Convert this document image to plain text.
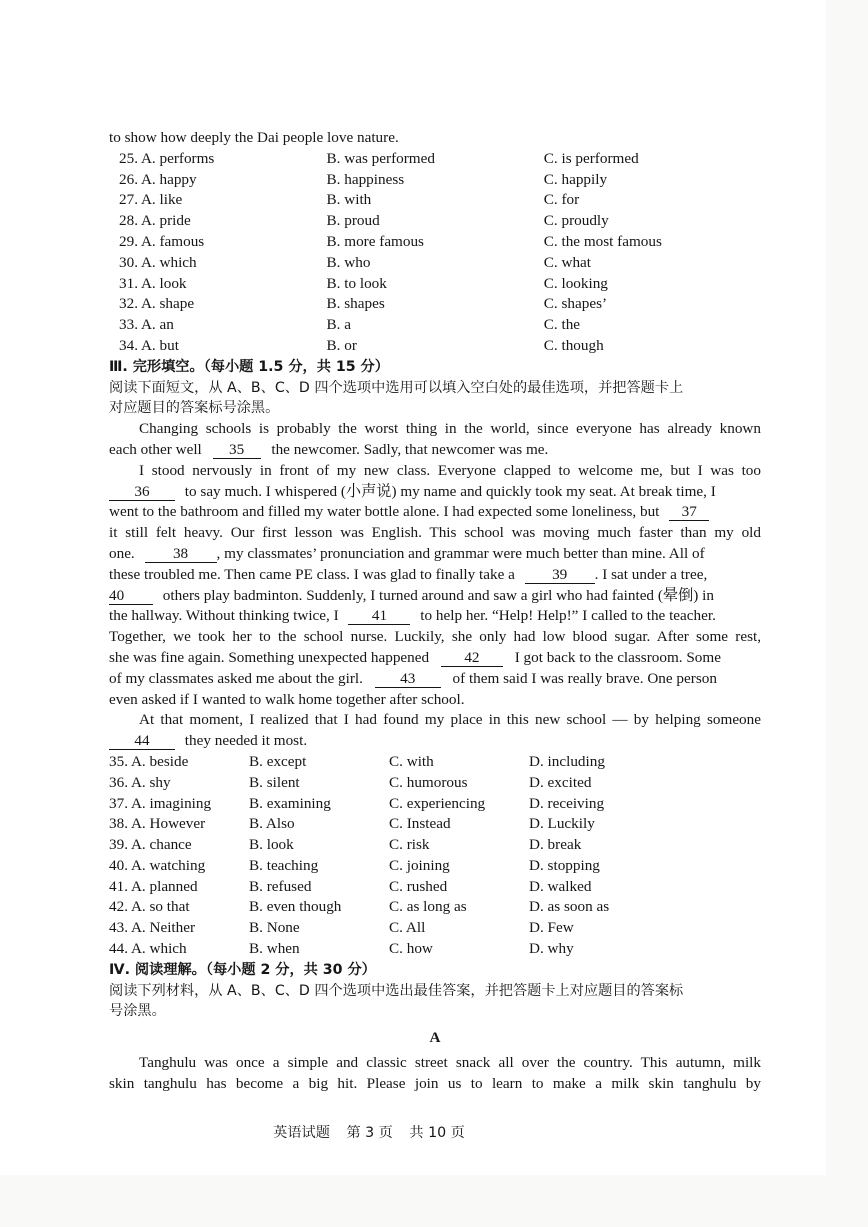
to show how deeply the Dai people love nature.
25. A. performs	B. was performed	C. is performed
26. A. happy	B. happiness	C. happily
27. A. like	B. with	C. for
28. A. pride	B. proud	C. proudly
29. A. famous	B. more famous	C. the most famous
30. A. which	B. who	C. what
31. A. look	B. to look	C. looking
32. A. shape	B. shapes	C. shapes’
33. A. an	B. a	C. the
34. A. but	B. or	C. though
Ⅲ. 完形填空。（每小题 1.5 分，共 15 分）
阅读下面短文，从 A、B、C、D 四个选项中选用可以填入空白处的最佳选项，并把答题卡上
对应题目的答案标号涂黑。
Changing schools is probably the worst thing in the world, since everyone has already known
each other well 35 the newcomer. Sadly, that newcomer was me.
I stood nervously in front of my new class. Everyone clapped to welcome me, but I was too
36 to say much. I whispered (小声说) my name and quickly took my seat. At break time, I
went to the bathroom and filled my water bottle alone. I had expected some loneliness, but 37
it still felt heavy. Our first lesson was English. This school was moving much faster than my old
one.	38 , my classmates’ pronunciation and grammar were much better than mine. All of
these troubled me. Then came PE class. I was glad to finally take a 39 . I sat under a tree,
40	others play badminton. Suddenly, I turned around and saw a girl who had fainted (晕倒) in
the hallway. Without thinking twice, I 41 to help her. “Help! Help!” I called to the teacher.
Together, we took her to the school nurse. Luckily, she only had low blood sugar. After some rest,
she was fine again. Something unexpected happened 42 I got back to the classroom. Some
of my classmates asked me about the girl. 43 of them said I was really brave. One person
even asked if I wanted to walk home together after school.
At that moment, I realized that I had found my place in this new school — by helping someone
44 they needed it most.
35. A. beside	B. except	C. with	D. including
36. A. shy	B. silent	C. humorous	D. excited
37. A. imagining	B. examining	C. experiencing	D. receiving
38. A. However	B. Also	C. Instead	D. Luckily
39. A. chance	B. look	C. risk	D. break
40. A. watching	B. teaching	C. joining	D. stopping
41. A. planned	B. refused	C. rushed	D. walked
42. A. so that	B. even though	C. as long as	D. as soon as
43. A. Neither	B. None	C. All	D. Few
44. A. which	B. when	C. how	D. why
Ⅳ. 阅读理解。（每小题 2 分，共 30 分）
阅读下列材料，从 A、B、C、D 四个选项中选出最佳答案，并把答题卡上对应题目的答案标
号涂黑。
A
Tanghulu was once a simple and classic street snack all over the country. This autumn, milk
skin tanghulu has become a big hit. Please join us to learn to make a milk skin tanghulu by
英语试题 第 3 页 共 10 页
